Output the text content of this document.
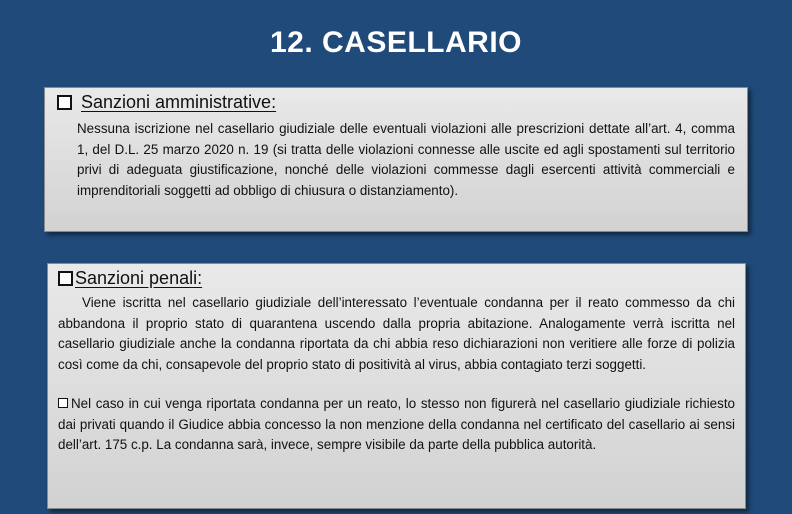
12. CASELLARIO
Sanzioni amministrative:

Nessuna iscrizione nel casellario giudiziale delle eventuali violazioni alle prescrizioni dettate all’art. 4, comma 1, del D.L. 25 marzo 2020 n. 19 (si tratta delle violazioni connesse alle uscite ed agli spostamenti sul territorio privi di adeguata giustificazione, nonché delle violazioni commesse dagli esercenti attività commerciali e imprenditoriali soggetti ad obbligo di chiusura o distanziamento).

Sanzioni penali:

Viene iscritta nel casellario giudiziale dell’interessato l’eventuale condanna per il reato commesso da chi abbandona il proprio stato di quarantena uscendo dalla propria abitazione. Analogamente verrà iscritta nel casellario giudiziale anche la condanna riportata da chi abbia reso dichiarazioni non veritiere alle forze di polizia così come da chi, consapevole del proprio stato di positività al virus, abbia contagiato terzi soggetti.

Nel caso in cui venga riportata condanna per un reato, lo stesso non figurerà nel casellario giudiziale richiesto dai privati quando il Giudice abbia concesso la non menzione della condanna nel certificato del casellario ai sensi dell’art. 175 c.p. La condanna sarà, invece, sempre visibile da parte della pubblica autorità.
